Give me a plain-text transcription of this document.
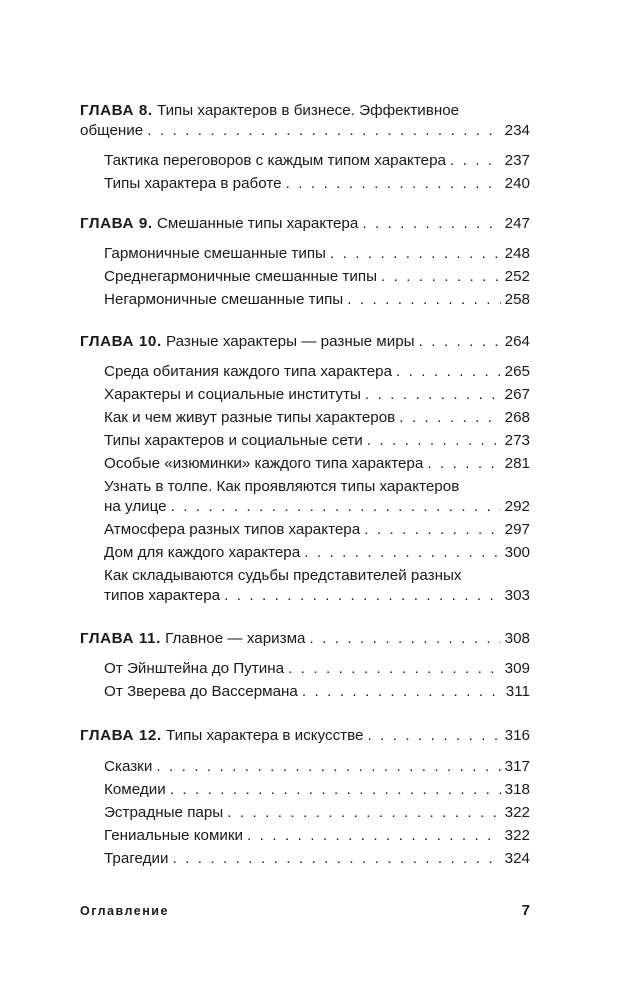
ГЛАВА 8. Типы характеров в бизнесе. Эффективное
общение . . .	234
Тактика переговоров с каждым типом характера . . .	237
Типы характера в работе . . .	240
ГЛАВА 9. Смешанные типы характера . . .	247
Гармоничные смешанные типы . . .	248
Среднегармоничные смешанные типы . . .	252
Негармоничные смешанные типы . . .	258
ГЛАВА 10. Разные характеры — разные миры . . .	264
Среда обитания каждого типа характера . . .	265
Характеры и социальные институты . . .	267
Как и чем живут разные типы характеров . . .	268
Типы характеров и социальные сети . . .	273
Особые «изюминки» каждого типа характера . . .	281
Узнать в толпе. Как проявляются типы характеров
на улице . . .	292
Атмосфера разных типов характера . . .	297
Дом для каждого характера . . .	300
Как складываются судьбы представителей разных
типов характера . . .	303
ГЛАВА 11. Главное — харизма . . .	308
От Эйнштейна до Путина . . .	309
От Зверева до Вассермана . . .	311
ГЛАВА 12. Типы характера в искусстве . . .	316
Сказки . . .	317
Комедии . . .	318
Эстрадные пары . . .	322
Гениальные комики . . .	322
Трагедии . . .	324
Оглавление	7
